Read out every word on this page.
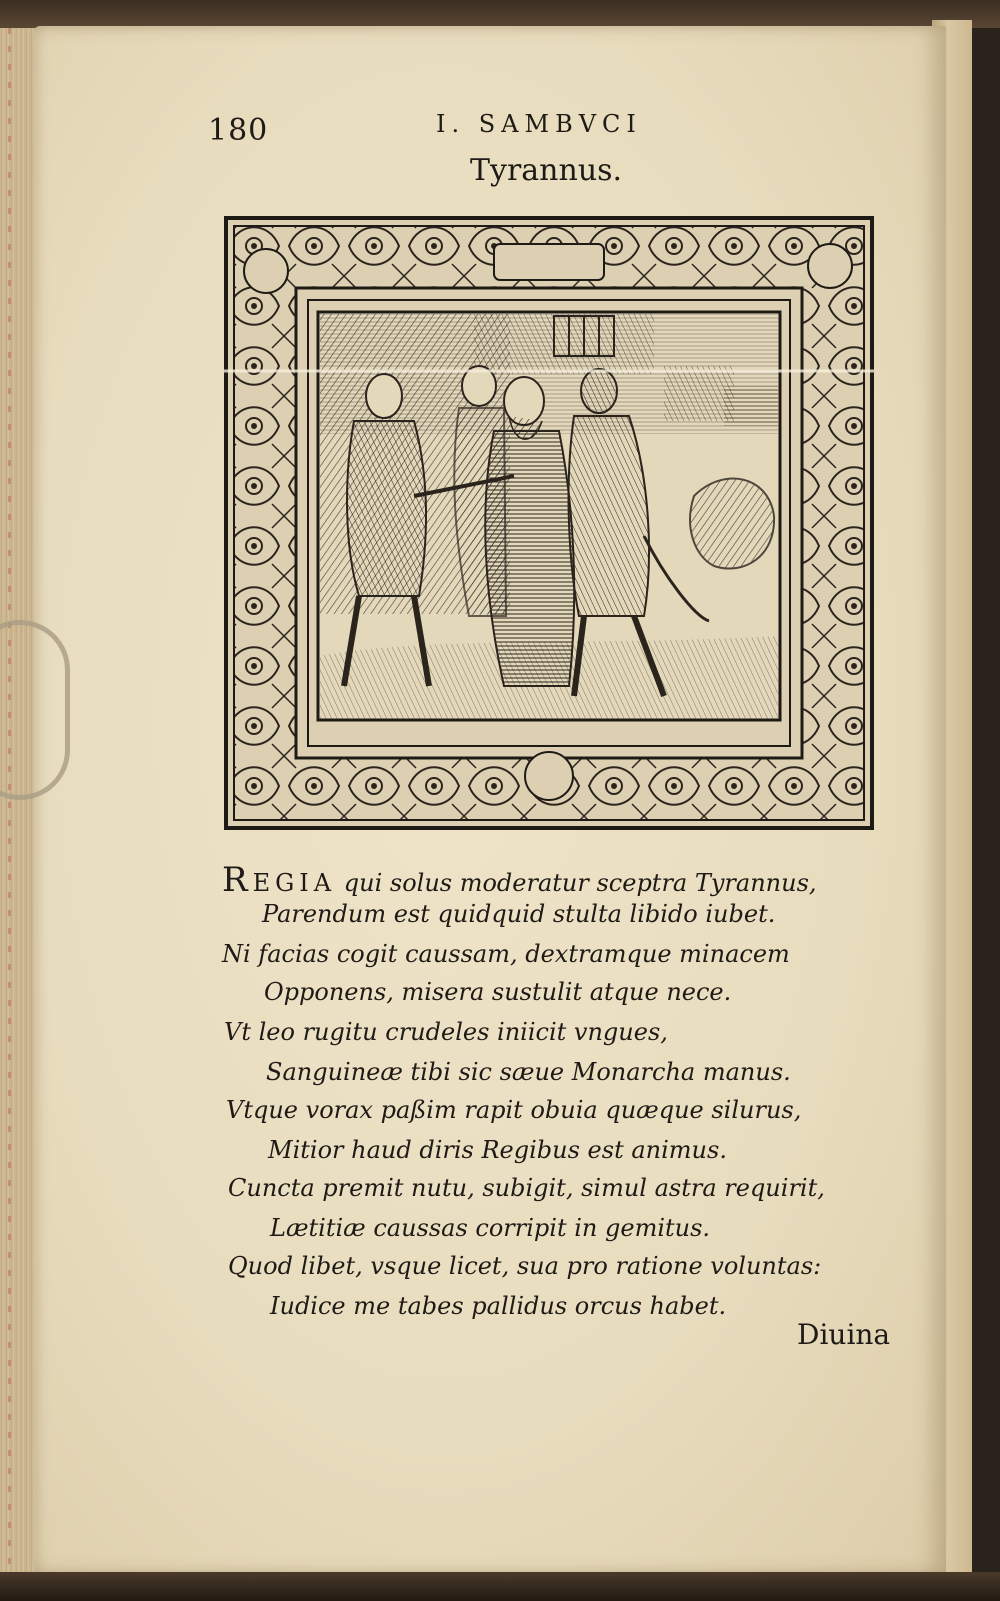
180	I. SAMBVCI
Tyrannus.
REGIA qui solus moderatur sceptra Tyrannus,
Parendum est quidquid stulta libido iubet.
Ni facias cogit caussam, dextramque minacem
Opponens, misera sustulit atque nece.
Vt leo rugitu crudeles iniicit vngues,
Sanguineæ tibi sic sæue Monarcha manus.
Vtque vorax paßim rapit obuia quæque silurus,
Mitior haud diris Regibus est animus.
Cuncta premit nutu, subigit, simul astra requirit,
Lætitiæ caussas corripit in gemitus.
Quod libet, vsque licet, sua pro ratione voluntas:
Iudice me tabes pallidus orcus habet.
Diuina
